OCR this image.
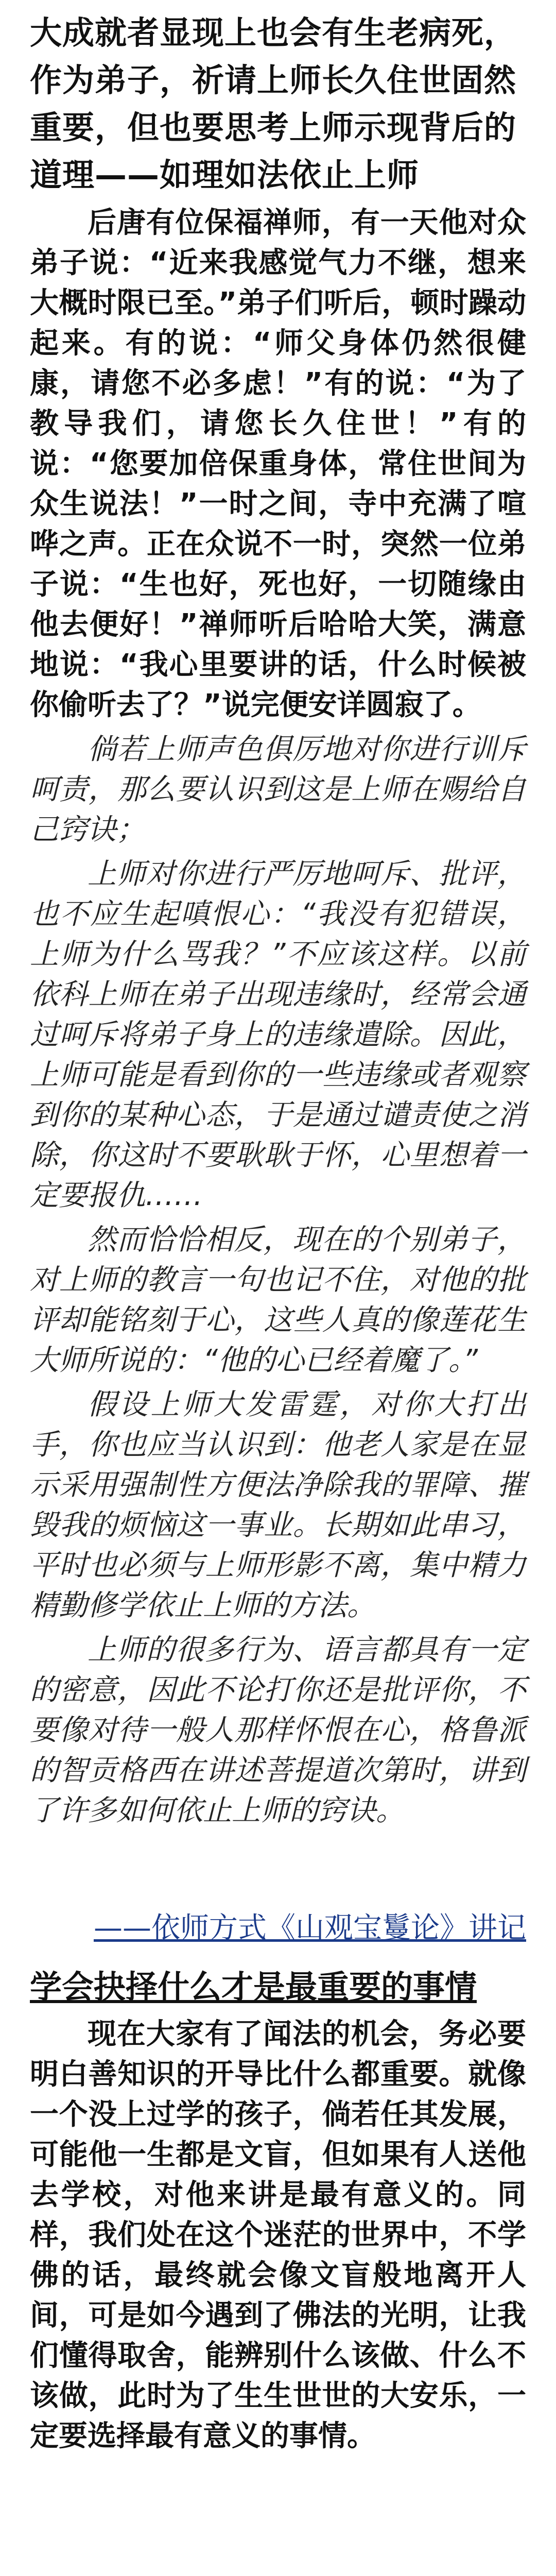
大成就者显现上也会有生老病死，作为弟子，祈请上师长久住世固然重要，但也要思考上师示现背后的道理——如理如法依止上师

后唐有位保福禅师，有一天他对众弟子说：“近来我感觉气力不继，想来大概时限已至。”弟子们听后，顿时躁动起来。有的说：“师父身体仍然很健康，请您不必多虑！”有的说：“为了教导我们，请您长久住世！”有的说：“您要加倍保重身体，常住世间为众生说法！”一时之间，寺中充满了喧哗之声。正在众说不一时，突然一位弟子说：“生也好，死也好，一切随缘由他去便好！”禅师听后哈哈大笑，满意地说：“我心里要讲的话，什么时候被你偷听去了？”说完便安详圆寂了。

倘若上师声色俱厉地对你进行训斥呵责，那么要认识到这是上师在赐给自己窍诀；

上师对你进行严厉地呵斥、批评，也不应生起嗔恨心：“我没有犯错误，上师为什么骂我？”不应该这样。以前依科上师在弟子出现违缘时，经常会通过呵斥将弟子身上的违缘遣除。因此，上师可能是看到你的一些违缘或者观察到你的某种心态，于是通过谴责使之消除，你这时不要耿耿于怀，心里想着一定要报仇……

然而恰恰相反，现在的个别弟子，对上师的教言一句也记不住，对他的批评却能铭刻于心，这些人真的像莲花生大师所说的：“他的心已经着魔了。”

假设上师大发雷霆，对你大打出手，你也应当认识到：他老人家是在显示采用强制性方便法净除我的罪障、摧毁我的烦恼这一事业。长期如此串习，平时也必须与上师形影不离，集中精力精勤修学依止上师的方法。

上师的很多行为、语言都具有一定的密意，因此不论打你还是批评你，不要像对待一般人那样怀恨在心，格鲁派的智贡格西在讲述菩提道次第时，讲到了许多如何依止上师的窍诀。

——依师方式《山观宝鬘论》讲记
学会抉择什么才是最重要的事情

现在大家有了闻法的机会，务必要明白善知识的开导比什么都重要。就像一个没上过学的孩子，倘若任其发展，可能他一生都是文盲，但如果有人送他去学校，对他来讲是最有意义的。同样，我们处在这个迷茫的世界中，不学佛的话，最终就会像文盲般地离开人间，可是如今遇到了佛法的光明，让我们懂得取舍，能辨别什么该做、什么不该做，此时为了生生世世的大安乐，一定要选择最有意义的事情。
